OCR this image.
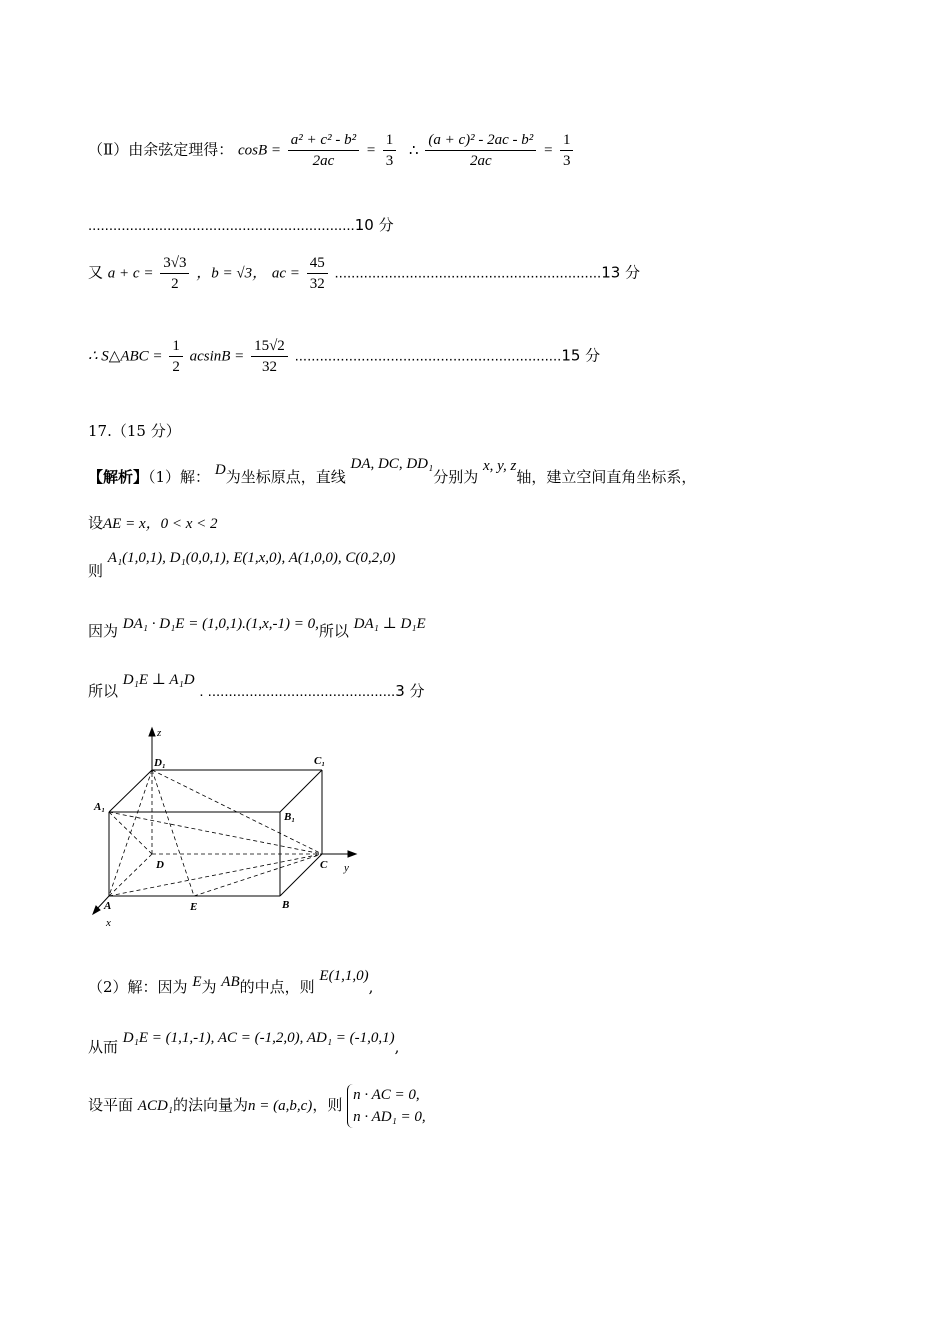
（Ⅱ）由余弦定理得： $\cos B = \frac{\text{a² + c² - b²}}{2ac} = \frac{1}{3}$ ∴ $\frac{\text{(a + c)² - 2ac - b²}}{2ac} = \frac{1}{3}$
................................................................10 分
又 $a + c = \frac{3√3}{2}$ ，b = √3， ac = $\frac{45}{32} ................................................................13$ 分
∴ S△ABC = $\frac{1}{2}$ $acsinB = \frac{15√2}{32} ................................................................15$ 分
17.（15 分）
【解析】（1）解： D为坐标原点，直线 DA, DC, DD₁分别为 x, y, z轴，建立空间直角坐标系，
设AE = x，0 < x < 2
则 A₁(1,0,1), D₁(0,0,1), E(1,x,0), A(1,0,0), C(0,2,0)
因为 DA₁ · D₁E = (1,0,1).(1,x,-1) = 0,所以 DA₁ ⊥ D₁E
所以 D₁E ⊥ A₁D . .............................................3 分
z
D₁	C₁
A₁
B₁
D	C y
A	E	B
x
（2）解：因为 E为 AB的中点，则 E(1,1,0),
从而 D₁E = (1,1,-1), AC = (-1,2,0), AD₁ = (-1,0,1),
设平面 ACD₁的法向量为n = (a,b,c)，则
n · AC = 0,
n · AD₁ = 0,
